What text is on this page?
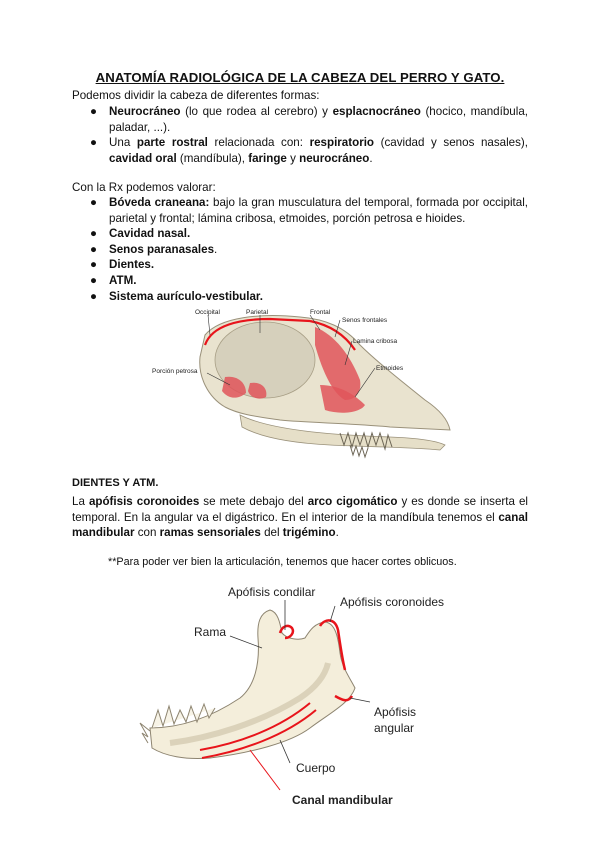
ANATOMÍA RADIOLÓGICA DE LA CABEZA DEL PERRO Y GATO.
Podemos dividir la cabeza de diferentes formas:
● Neurocráneo (lo que rodea al cerebro) y esplacnocráneo (hocico, mandíbula, paladar, ...).
● Una parte rostral relacionada con: respiratorio (cavidad y senos nasales), cavidad oral (mandíbula), faringe y neurocráneo.
Con la Rx podemos valorar:
● Bóveda craneana: bajo la gran musculatura del temporal, formada por occipital, parietal y frontal; lámina cribosa, etmoides, porción petrosa e hioides.
● Cavidad nasal.
● Senos paranasales.
● Dientes.
● ATM.
● Sistema aurículo-vestibular.
Occipital	Parietal	Frontal
Senos frontales
Lamina cribosa
Etmoides
Porción petrosa
DIENTES Y ATM.
La apófisis coronoides se mete debajo del arco cigomático y es donde se inserta el temporal. En la angular va el digástrico. En el interior de la mandíbula tenemos el canal mandibular con ramas sensoriales del trigémino.
**Para poder ver bien la articulación, tenemos que hacer cortes oblicuos.
Apófisis condilar
Apófisis coronoides
Rama
Apófisis
angular
Cuerpo
Canal mandibular
